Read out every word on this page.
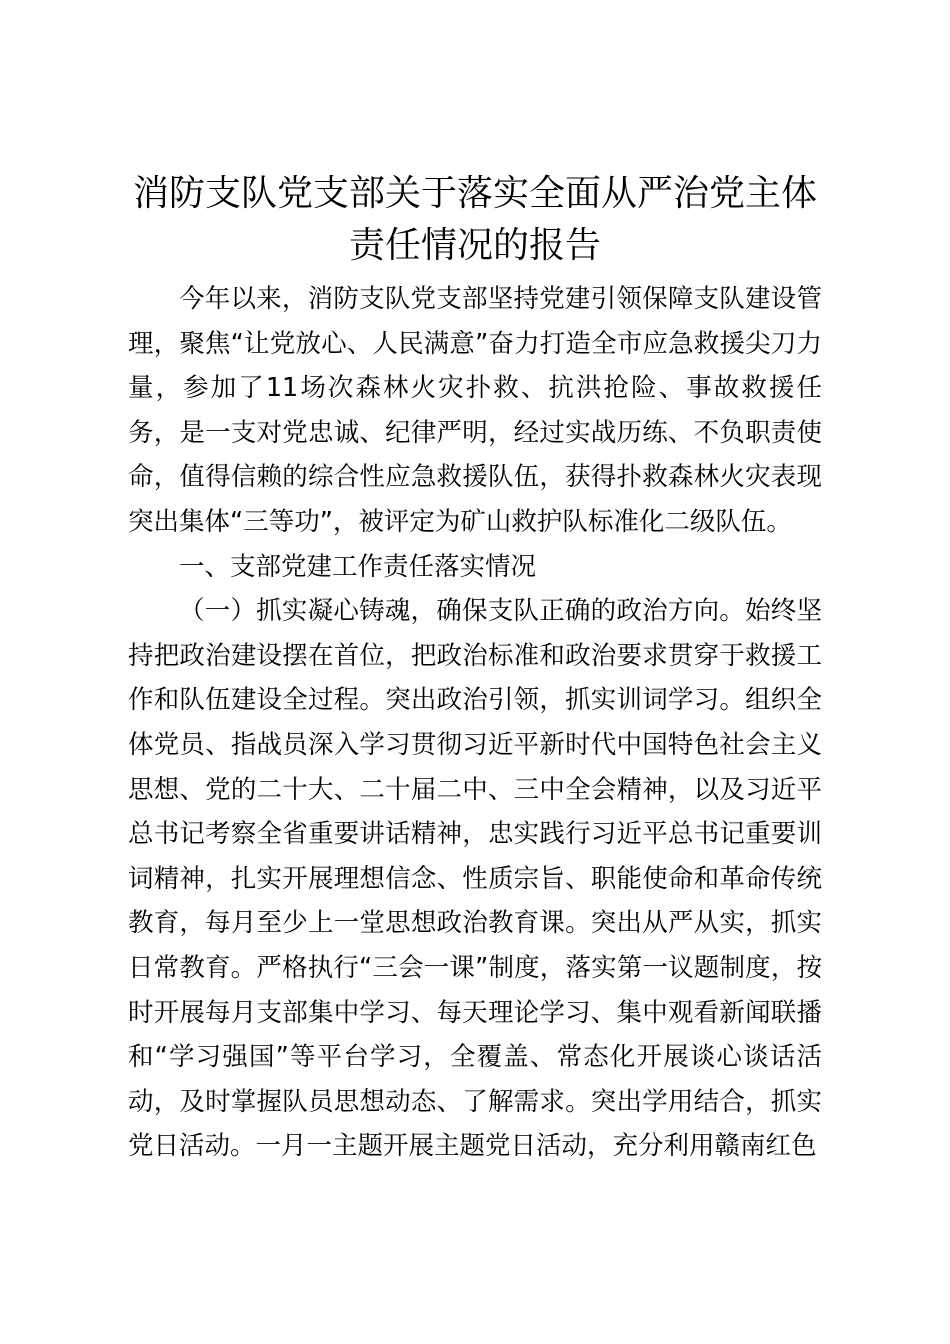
消防支队党支部关于落实全面从严治党主体责任情况的报告

今年以来，消防支队党支部坚持党建引领保障支队建设管理，聚焦“让党放心、人民满意”奋力打造全市应急救援尖刀力量，参加了11场次森林火灾扑救、抗洪抢险、事故救援任务，是一支对党忠诚、纪律严明，经过实战历练、不负职责使命，值得信赖的综合性应急救援队伍，获得扑救森林火灾表现突出集体“三等功”，被评定为矿山救护队标准化二级队伍。

一、支部党建工作责任落实情况

（一）抓实凝心铸魂，确保支队正确的政治方向。始终坚持把政治建设摆在首位，把政治标准和政治要求贯穿于救援工作和队伍建设全过程。突出政治引领，抓实训词学习。组织全体党员、指战员深入学习贯彻习近平新时代中国特色社会主义思想、党的二十大、二十届二中、三中全会精神，以及习近平总书记考察全省重要讲话精神，忠实践行习近平总书记重要训词精神，扎实开展理想信念、性质宗旨、职能使命和革命传统教育，每月至少上一堂思想政治教育课。突出从严从实，抓实日常教育。严格执行“三会一课”制度，落实第一议题制度，按时开展每月支部集中学习、每天理论学习、集中观看新闻联播和“学习强国”等平台学习，全覆盖、常态化开展谈心谈话活动，及时掌握队员思想动态、了解需求。突出学用结合，抓实党日活动。一月一主题开展主题党日活动，充分利用赣南红色
